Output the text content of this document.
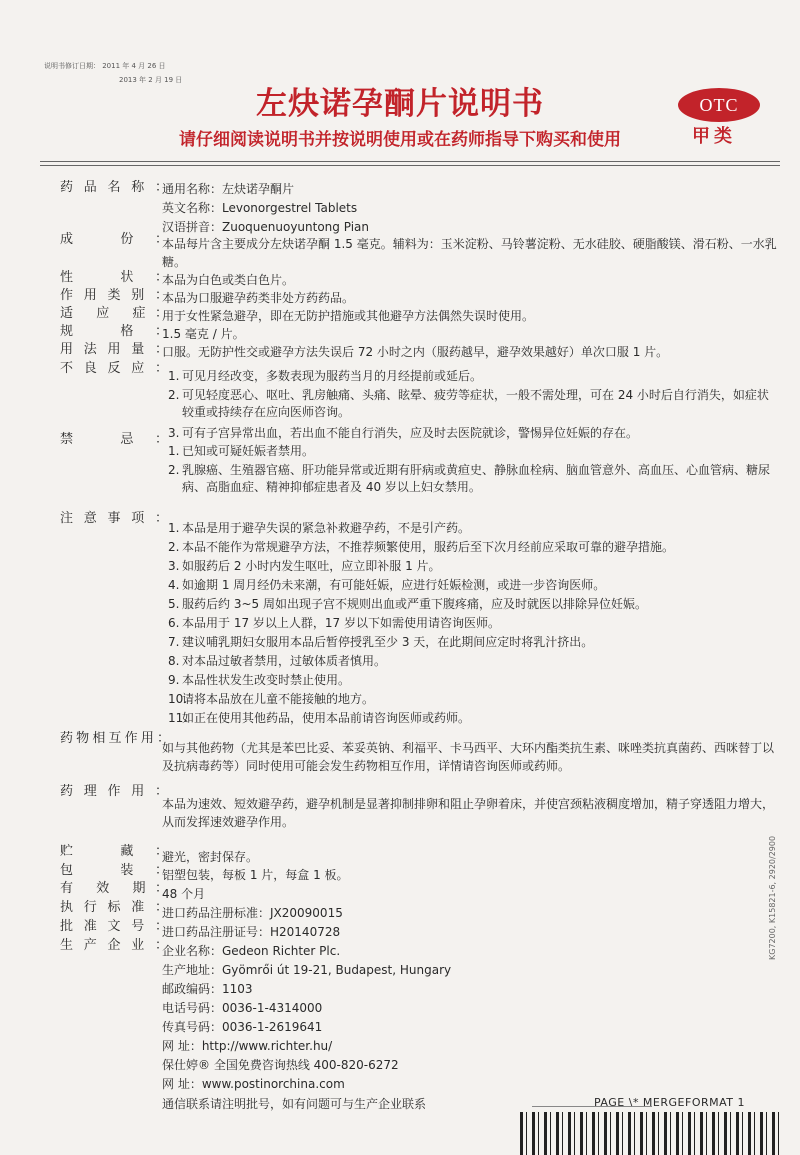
说明书修订日期： 2011 年 4 月 26 日
2013 年 2 月 19 日
左炔诺孕酮片说明书
请仔细阅读说明书并按说明使用或在药师指导下购买和使用
OTC
甲类
药品名称：
成 份：
性 状：
作用类别：
适 应 症：
规 格：
用法用量：
不良反应：
禁 忌：
注意事项：
药物相互作用：
药理作用：
贮 藏：
包 装：
有 效 期：
执行标准：
批准文号：
生产企业：
通用名称：左炔诺孕酮片
英文名称：Levonorgestrel Tablets
汉语拼音：Zuoquenuoyuntong Pian
本品每片含主要成分左炔诺孕酮 1.5 毫克。辅料为：玉米淀粉、马铃薯淀粉、无水硅胶、硬脂酸镁、滑石粉、一水乳糖。
本品为白色或类白色片。
本品为口服避孕药类非处方药药品。
用于女性紧急避孕，即在无防护措施或其他避孕方法偶然失误时使用。
1.5 毫克 / 片。
口服。无防护性交或避孕方法失误后 72 小时之内（服药越早，避孕效果越好）单次口服 1 片。
1. 可见月经改变，多数表现为服药当月的月经提前或延后。
2. 可见轻度恶心、呕吐、乳房触痛、头痛、眩晕、疲劳等症状，一般不需处理，可在 24 小时后自行消失，如症状较重或持续存在应向医师咨询。
3. 可有子宫异常出血，若出血不能自行消失，应及时去医院就诊，警惕异位妊娠的存在。
1. 已知或可疑妊娠者禁用。
2. 乳腺癌、生殖器官癌、肝功能异常或近期有肝病或黄疸史、静脉血栓病、脑血管意外、高血压、心血管病、糖尿病、高脂血症、精神抑郁症患者及 40 岁以上妇女禁用。
1. 本品是用于避孕失误的紧急补救避孕药，不是引产药。
2. 本品不能作为常规避孕方法，不推荐频繁使用，服药后至下次月经前应采取可靠的避孕措施。
3. 如服药后 2 小时内发生呕吐，应立即补服 1 片。
4. 如逾期 1 周月经仍未来潮，有可能妊娠，应进行妊娠检测，或进一步咨询医师。
5. 服药后约 3~5 周如出现子宫不规则出血或严重下腹疼痛，应及时就医以排除异位妊娠。
6. 本品用于 17 岁以上人群，17 岁以下如需使用请咨询医师。
7. 建议哺乳期妇女服用本品后暂停授乳至少 3 天，在此期间应定时将乳汁挤出。
8. 对本品过敏者禁用，过敏体质者慎用。
9. 本品性状发生改变时禁止使用。
10.
请将本品放在儿童不能接触的地方。
11.
如正在使用其他药品，使用本品前请咨询医师或药师。
如与其他药物（尤其是苯巴比妥、苯妥英钠、利福平、卡马西平、大环内酯类抗生素、咪唑类抗真菌药、西咪替丁以及抗病毒药等）同时使用可能会发生药物相互作用，详情请咨询医师或药师。
本品为速效、短效避孕药，避孕机制是显著抑制排卵和阻止孕卵着床，并使宫颈粘液稠度增加，精子穿透阻力增大，从而发挥速效避孕作用。
避光，密封保存。
铝塑包装，每板 1 片，每盒 1 板。
48 个月
进口药品注册标准：JX20090015
进口药品注册证号：H20140728
企业名称：Gedeon Richter Plc.
生产地址：Gyömrői út 19-21, Budapest, Hungary
邮政编码：1103
电话号码：0036-1-4314000
传真号码：0036-1-2619641
网 址：http://www.richter.hu/
保仕婷® 全国免费咨询热线 400-820-6272
网 址：www.postinorchina.com
通信联系请注明批号，如有问题可与生产企业联系	PAGE \* MERGEFORMAT 1
KG7200, K15821-6, 2920/2900
